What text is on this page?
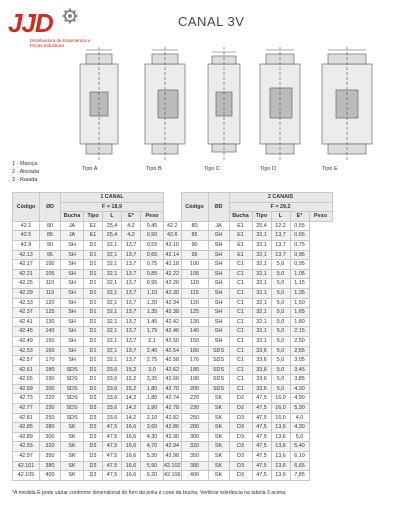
JJD
Distribuidora de Rolamentos e Peças Industriais
CANAL 3V
1 - Maciça
2 - Aliviada
3 - Raiada
Tipo A	Tipo B	Tipo C	Tipo D	Tipo E
Código	ØD	1 CANAL						Código	ØD	2 CANAIS				
		F = 18,9								F = 29,2				
		Bucha	Tipo	L	E*	Peso				Bucha	Tipo	L	E*	Peso
42.1	80	JA	E1	25,4	4,2	0,45	42.2	80	JA	E1	25,4	12,2	0,55	
42.5	85	JA	E1	25,4	4,2	0,50	42.6	85	SH	E1	32,1	13,7	0,65	
42.9	90	SH	D1	32,1	13,7	0,55	42.10	90	SH	E1	32,1	13,7	0,75	
42.13	95	SH	D1	32,1	13,7	0,65	42.14	95	SH	E1	32,1	13,7	0,95	
42.17	100	SH	D1	32,1	13,7	0,75	42.18	100	SH	C1	32,1	5,0	0,95	
42.21	105	SH	D1	32,1	13,7	0,85	42.22	105	SH	C1	32,1	5,0	1,05	
42.25	110	SH	D1	32,1	13,7	0,95	42.26	110	SH	C1	32,1	5,0	1,15	
42.29	115	SH	D1	32,1	13,7	1,10	42.30	115	SH	C1	32,1	5,0	1,35	
42.33	120	SH	D1	32,1	13,7	1,20	42.34	120	SH	C1	32,1	5,0	1,50	
42.37	125	SH	D1	32,1	13,7	1,35	42.38	125	SH	C1	32,1	5,0	1,65	
42.41	130	SH	D1	32,1	13,7	1,45	42.42	130	SH	C1	32,1	5,0	1,80	
42.45	140	SH	D1	32,1	13,7	1,75	42.46	140	SH	C1	32,1	5,0	2,15	
42.49	150	SH	D1	32,1	13,7	2,1	42.50	150	SH	C1	32,1	5,0	2,50	
42.53	160	SH	D1	32,1	13,7	2,40	42.54	160	SDS	C1	33,6	5,0	2,65	
42.57	170	SH	D1	32,1	13,7	2,75	42.58	170	SDS	C1	33,6	5,0	3,05	
42.61	180	SDS	D1	33,6	15,2	3,0	42.62	180	SDS	C1	33,6	5,0	3,45	
42.65	190	SDS	D1	33,6	15,2	3,35	42.66	190	SDS	C1	33,6	5,0	3,85	
42.69	200	SDS	D1	33,6	15,2	1,80	42.70	200	SDS	C1	33,6	5,0	4,30	
42.73	220	SDS	D3	33,6	14,2	1,80	42.74	220	SK	D2	47,5	16,0	4,90	
42.77	230	SDS	D3	33,6	14,2	1,90	42.78	230	SK	D2	47,5	16,0	5,30	
42.81	250	SDS	D3	33,6	14,2	2,10	42.82	250	SK	D3	47,5	16,0	4,0	
42.85	280	SK	D3	47,5	16,6	3,60	42.86	280	SK	D3	47,5	13,6	4,30	
42.89	300	SK	D3	47,5	16,6	4,30	42.90	300	SK	D3	47,5	13,6	5,0	
42.93	320	SK	D3	47,5	16,6	4,70	42.94	320	SK	D3	47,5	13,6	5,40	
42.97	350	SK	D3	47,5	16,6	5,30	42.98	350	SK	D3	47,5	13,6	6,10	
42.101	380	SK	D3	47,5	16,6	5,90	42.102	380	SK	D3	47,5	13,6	6,65	
42.105	400	SK	D3	47,5	16,6	6,20	42.106	400	SK	D3	47,5	13,6	7,85	
*A medida E pode variar conforme dimensional do furo da polia e cone da bucha. Verificar tolerância na tabela 3 acima.
